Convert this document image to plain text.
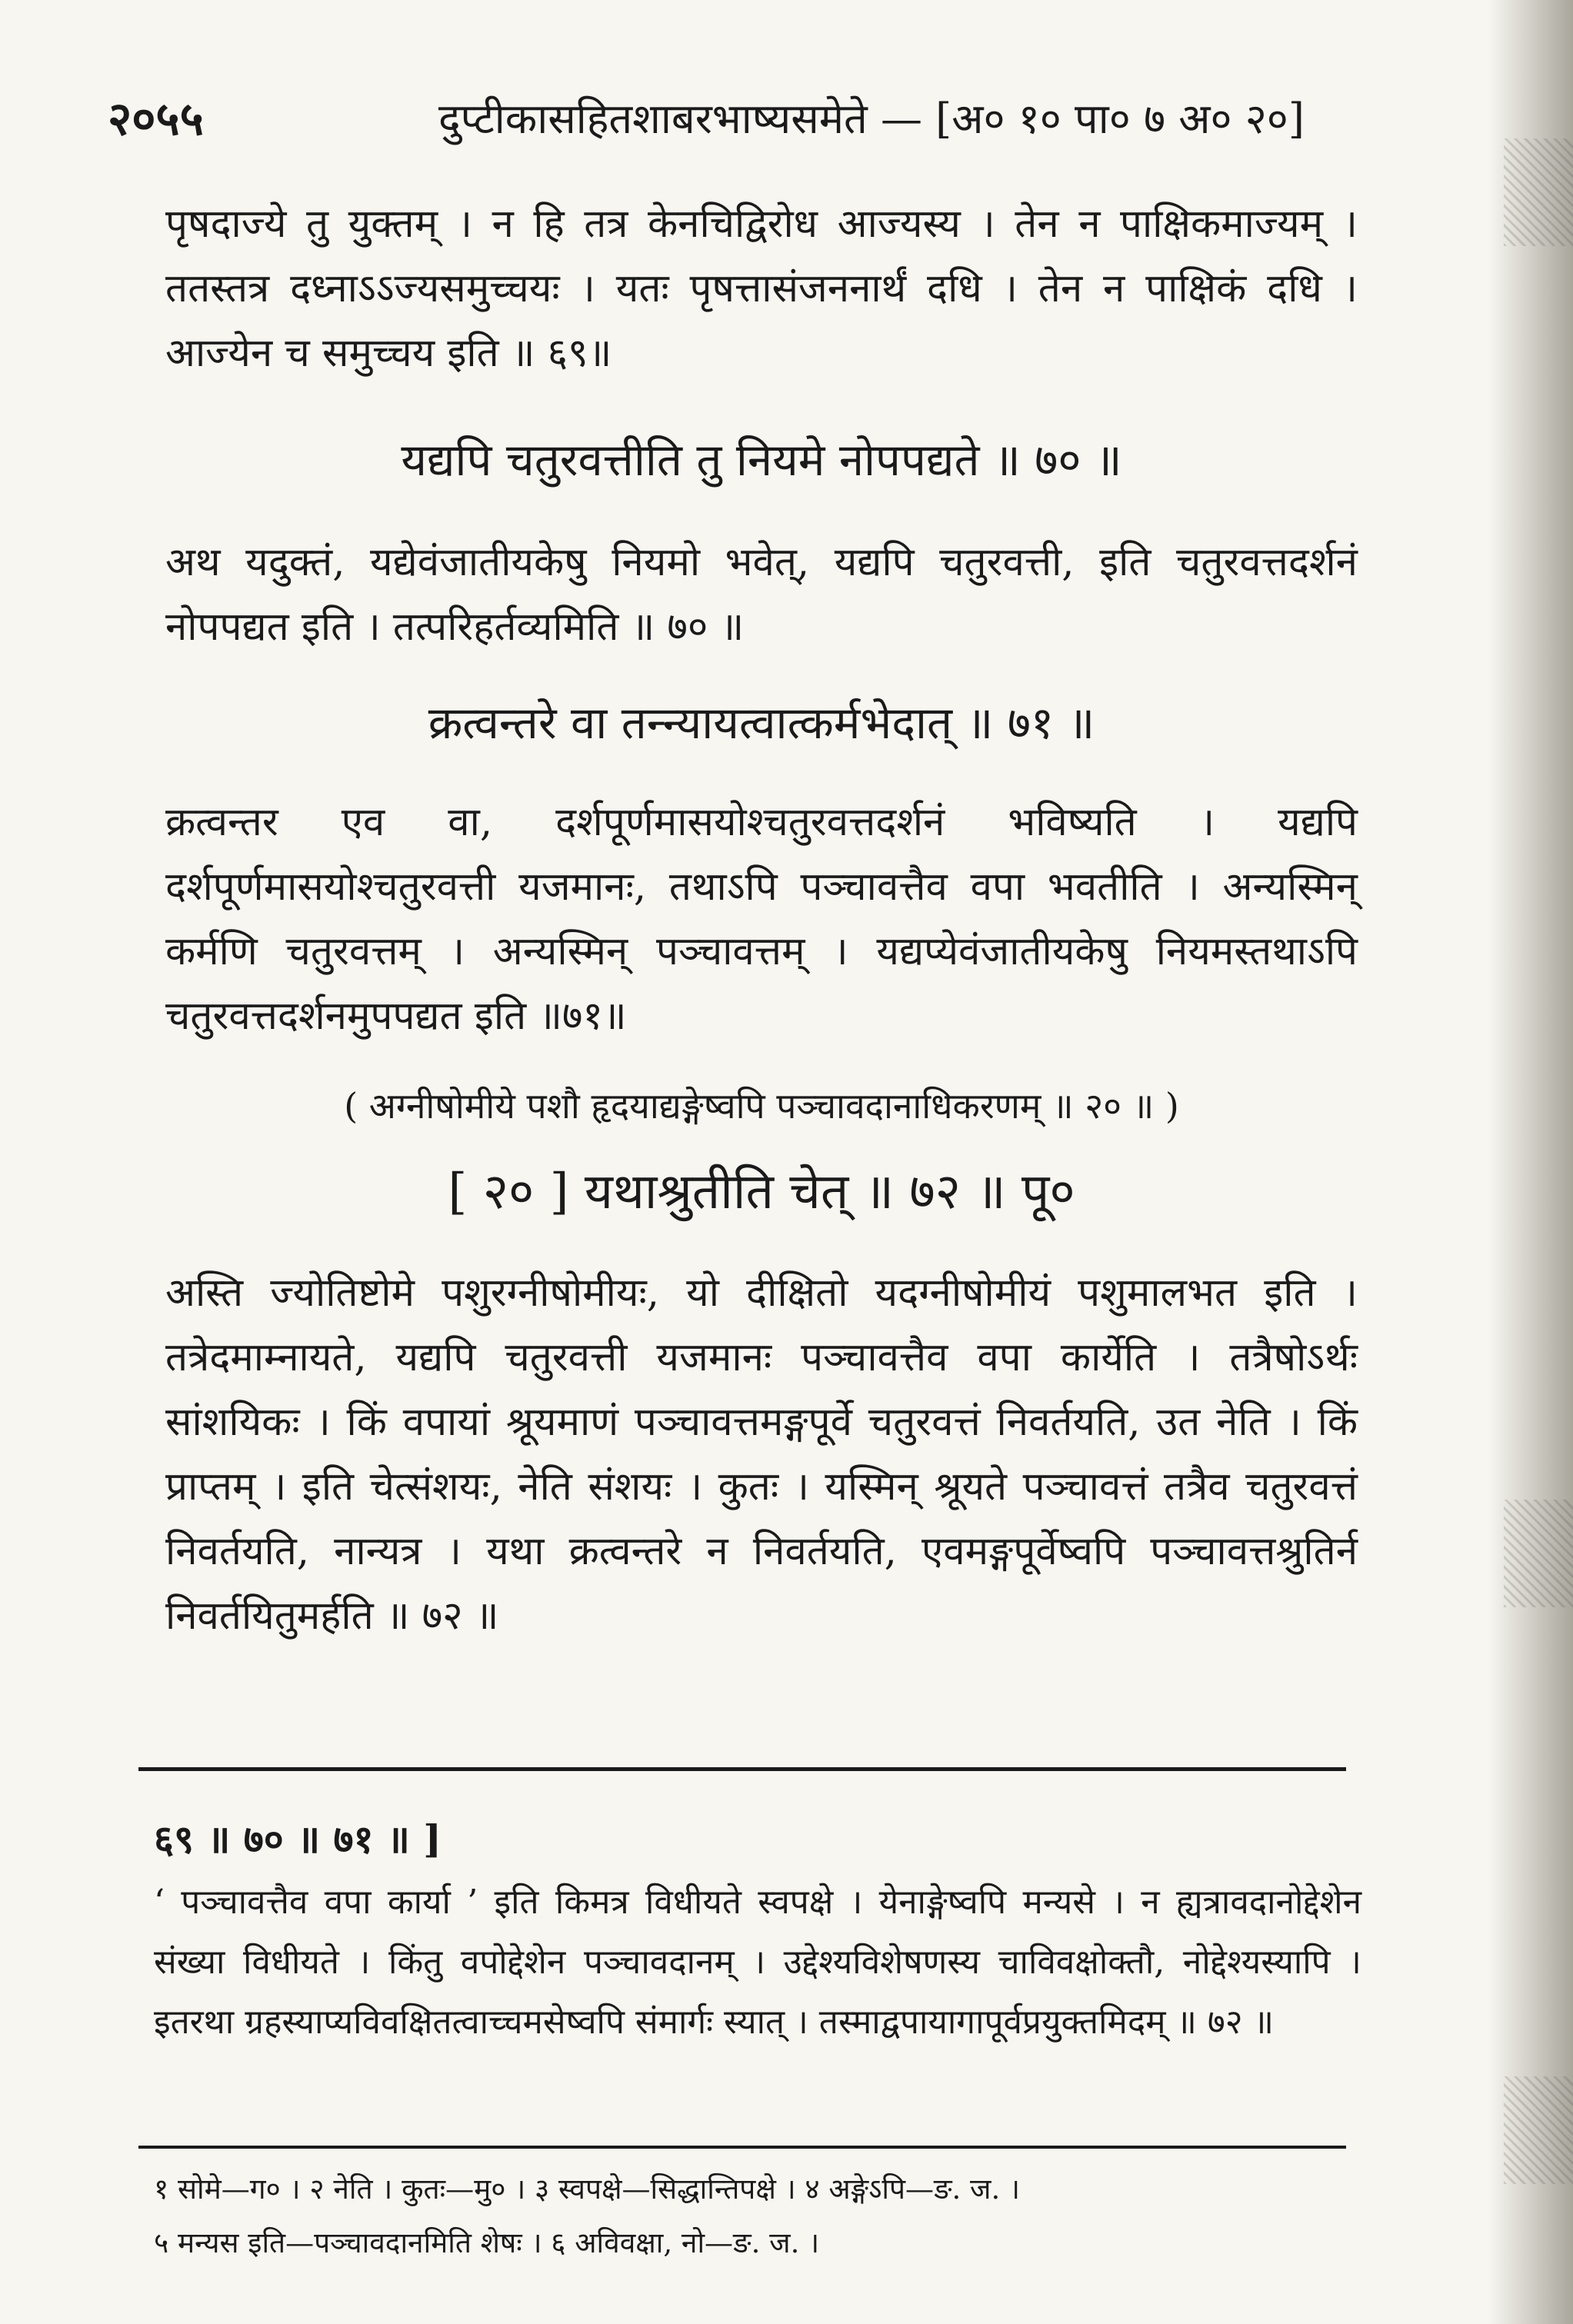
२०५५	दुप्टीकासहितशाबरभाष्यसमेते — [अ० १० पा० ७ अ० २०]

पृषदाज्ये तु युक्तम् । न हि तत्र केनचिद्विरोध आज्यस्य । तेन न पाक्षिकमाज्यम् । ततस्तत्र दध्नाऽऽज्यसमुच्चयः । यतः पृषत्तासंजननार्थं दधि । तेन न पाक्षिकं दधि । आज्येन च समुच्चय इति ॥ ६९॥

यद्यपि चतुरवत्तीति तु नियमे नोपपद्यते ॥ ७० ॥

अथ यदुक्तं, यद्येवंजातीयकेषु नियमो भवेत्, यद्यपि चतुरवत्ती, इति चतुरवत्तदर्शनं नोपपद्यत इति । तत्परिहर्तव्यमिति ॥ ७० ॥

क्रत्वन्तरे वा तन्न्यायत्वात्कर्मभेदात् ॥ ७१ ॥

क्रत्वन्तर एव वा, दर्शपूर्णमासयोश्चतुरवत्तदर्शनं भविष्यति । यद्यपि दर्शपूर्णमासयोश्चतुरवत्ती यजमानः, तथाऽपि पञ्चावत्तैव वपा भवतीति । अन्यस्मिन् कर्मणि चतुरवत्तम् । अन्यस्मिन् पञ्चावत्तम् । यद्यप्येवंजातीयकेषु नियमस्तथाऽपि चतुरवत्तदर्शनमुपपद्यत इति ॥७१॥

( अग्नीषोमीये पशौ हृदयाद्यङ्गेष्वपि पञ्चावदानाधिकरणम् ॥ २० ॥ )
[ २० ] यथाश्रुतीति चेत् ॥ ७२ ॥ पू०

अस्ति ज्योतिष्टोमे पशुरग्नीषोमीयः, यो दीक्षितो यदग्नीषोमीयं पशुमालभत इति । तत्रेदमाम्नायते, यद्यपि चतुरवत्ती यजमानः पञ्चावत्तैव वपा कार्येति । तत्रैषोऽर्थः सांशयिकः । किं वपायां श्रूयमाणं पञ्चावत्तमङ्गपूर्वे चतुरवत्तं निवर्तयति, उत नेति । किं प्राप्तम् । इति चेत्संशयः, नेति संशयः । कुतः । यस्मिन् श्रूयते पञ्चावत्तं तत्रैव चतुरवत्तं निवर्तयति, नान्यत्र । यथा क्रत्वन्तरे न निवर्तयति, एवमङ्गपूर्वेष्वपि पञ्चावत्तश्रुतिर्न निवर्तयितुमर्हति ॥ ७२ ॥

६९ ॥ ७० ॥ ७१ ॥ ]

‘ पञ्चावत्तैव वपा कार्या ’ इति किमत्र विधीयते स्वपक्षे । येनाङ्गेष्वपि मन्यसे । न ह्यत्रावदानोद्देशेन संख्या विधीयते । किंतु वपोद्देशेन पञ्चावदानम् । उद्देश्यविशेषणस्य चाविवक्षोक्तौ, नोद्देश्यस्यापि । इतरथा ग्रहस्याप्यविवक्षितत्वाच्चमसेष्वपि संमार्गः स्यात् । तस्माद्वपायागापूर्वप्रयुक्तमिदम् ॥ ७२ ॥

१ सोमे—ग० । २ नेति । कुतः—मु० । ३ स्वपक्षे—सिद्धान्तिपक्षे । ४ अङ्गेऽपि—ङ. ज. ।
५ मन्यस इति—पञ्चावदानमिति शेषः । ६ अविवक्षा, नो—ङ. ज. ।
